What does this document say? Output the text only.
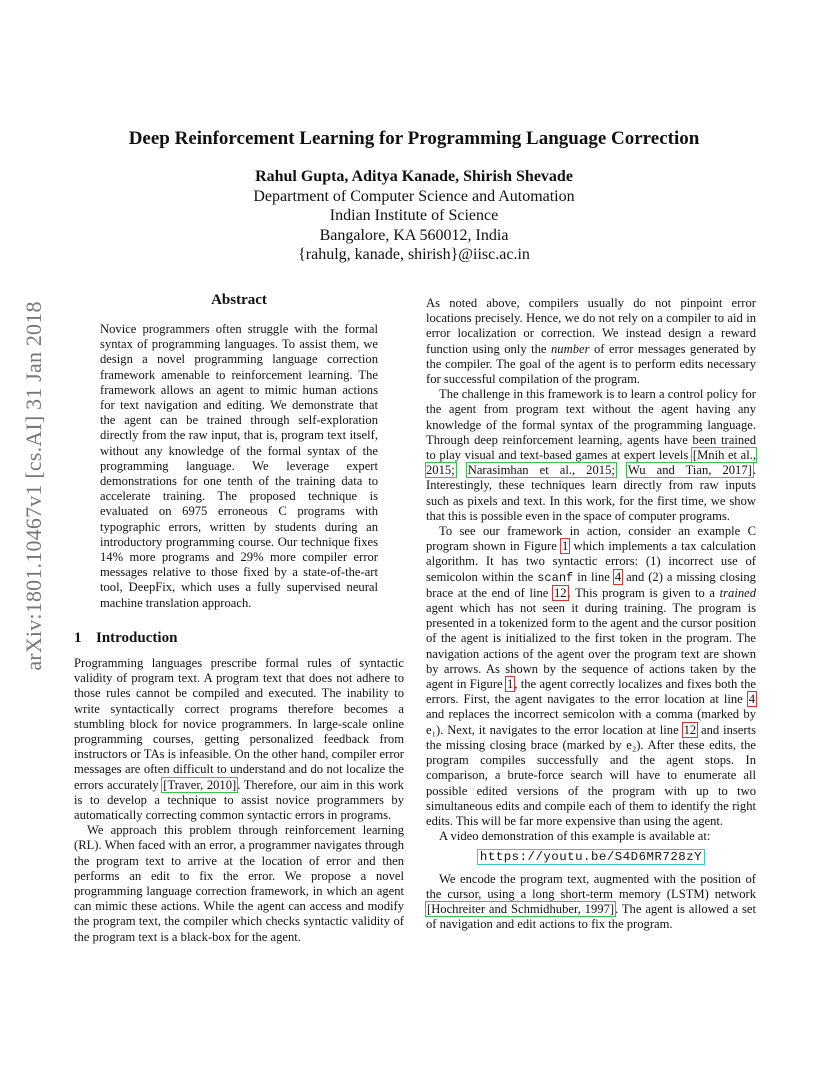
arXiv:1801.10467v1 [cs.AI] 31 Jan 2018
Deep Reinforcement Learning for Programming Language Correction
Rahul Gupta, Aditya Kanade, Shirish Shevade
Department of Computer Science and Automation
Indian Institute of Science
Bangalore, KA 560012, India
{rahulg, kanade, shirish}@iisc.ac.in
Abstract
Novice programmers often struggle with the formal syntax of programming languages. To assist them, we design a novel programming language correction framework amenable to reinforcement learning. The framework allows an agent to mimic human actions for text navigation and editing. We demonstrate that the agent can be trained through self-exploration directly from the raw input, that is, program text itself, without any knowledge of the formal syntax of the programming language. We leverage expert demonstrations for one tenth of the training data to accelerate training. The proposed technique is evaluated on 6975 erroneous C programs with typographic errors, written by students during an introductory programming course. Our technique fixes 14% more programs and 29% more compiler error messages relative to those fixed by a state-of-the-art tool, DeepFix, which uses a fully supervised neural machine translation approach.
1 Introduction

Programming languages prescribe formal rules of syntactic validity of program text. A program text that does not adhere to those rules cannot be compiled and executed. The inability to write syntactically correct programs therefore becomes a stumbling block for novice programmers. In large-scale online programming courses, getting personalized feedback from instructors or TAs is infeasible. On the other hand, compiler error messages are often difficult to understand and do not localize the errors accurately [Traver, 2010]. Therefore, our aim in this work is to develop a technique to assist novice programmers by automatically correcting common syntactic errors in programs.

We approach this problem through reinforcement learning (RL). When faced with an error, a programmer navigates through the program text to arrive at the location of error and then performs an edit to fix the error. We propose a novel programming language correction framework, in which an agent can mimic these actions. While the agent can access and modify the program text, the compiler which checks syntactic validity of the program text is a black-box for the agent.

As noted above, compilers usually do not pinpoint error locations precisely. Hence, we do not rely on a compiler to aid in error localization or correction. We instead design a reward function using only the number of error messages generated by the compiler. The goal of the agent is to perform edits necessary for successful compilation of the program.

The challenge in this framework is to learn a control policy for the agent from program text without the agent having any knowledge of the formal syntax of the programming language. Through deep reinforcement learning, agents have been trained to play visual and text-based games at expert levels [Mnih et al., 2015; Narasimhan et al., 2015; Wu and Tian, 2017]. Interestingly, these techniques learn directly from raw inputs such as pixels and text. In this work, for the first time, we show that this is possible even in the space of computer programs.

To see our framework in action, consider an example C program shown in Figure 1 which implements a tax calculation algorithm. It has two syntactic errors: (1) incorrect use of semicolon within the scanf in line 4 and (2) a missing closing brace at the end of line 12. This program is given to a trained agent which has not seen it during training. The program is presented in a tokenized form to the agent and the cursor position of the agent is initialized to the first token in the program. The navigation actions of the agent over the program text are shown by arrows. As shown by the sequence of actions taken by the agent in Figure 1, the agent correctly localizes and fixes both the errors. First, the agent navigates to the error location at line 4 and replaces the incorrect semicolon with a comma (marked by e₁). Next, it navigates to the error location at line 12 and inserts the missing closing brace (marked by e₂). After these edits, the program compiles successfully and the agent stops. In comparison, a brute-force search will have to enumerate all possible edited versions of the program with up to two simultaneous edits and compile each of them to identify the right edits. This will be far more expensive than using the agent.

A video demonstration of this example is available at:

https://youtu.be/S4D6MR728zY

We encode the program text, augmented with the position of the cursor, using a long short-term memory (LSTM) network [Hochreiter and Schmidhuber, 1997]. The agent is allowed a set of navigation and edit actions to fix the program.
